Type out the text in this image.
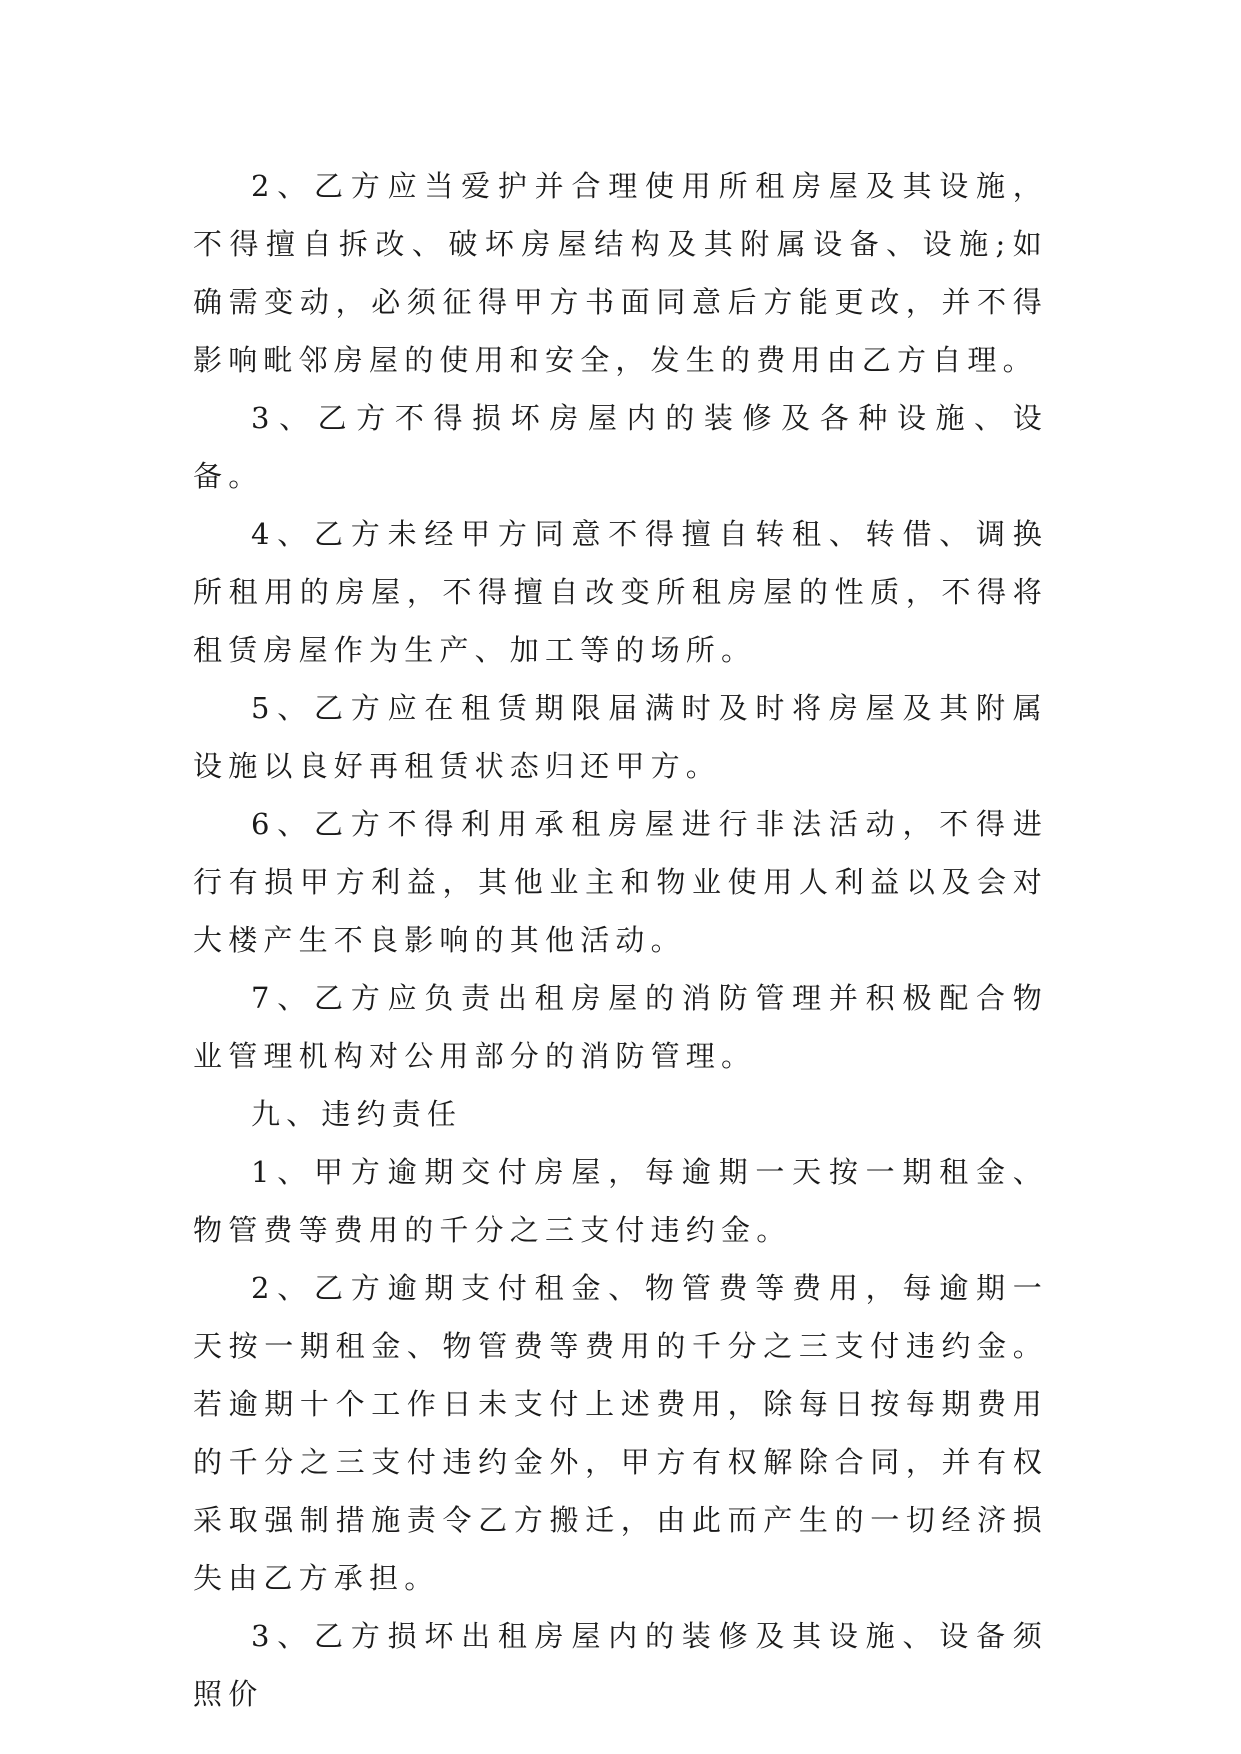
2、乙方应当爱护并合理使用所租房屋及其设施，不得擅自拆改、破坏房屋结构及其附属设备、设施;如确需变动，必须征得甲方书面同意后方能更改，并不得影响毗邻房屋的使用和安全，发生的费用由乙方自理。

3、乙方不得损坏房屋内的装修及各种设施、设备。

4、乙方未经甲方同意不得擅自转租、转借、调换所租用的房屋，不得擅自改变所租房屋的性质，不得将租赁房屋作为生产、加工等的场所。

5、乙方应在租赁期限届满时及时将房屋及其附属设施以良好再租赁状态归还甲方。

6、乙方不得利用承租房屋进行非法活动，不得进行有损甲方利益，其他业主和物业使用人利益以及会对大楼产生不良影响的其他活动。

7、乙方应负责出租房屋的消防管理并积极配合物业管理机构对公用部分的消防管理。

九、违约责任

1、甲方逾期交付房屋，每逾期一天按一期租金、物管费等费用的千分之三支付违约金。

2、乙方逾期支付租金、物管费等费用，每逾期一天按一期租金、物管费等费用的千分之三支付违约金。若逾期十个工作日未支付上述费用，除每日按每期费用的千分之三支付违约金外，甲方有权解除合同，并有权采取强制措施责令乙方搬迁，由此而产生的一切经济损失由乙方承担。

3、乙方损坏出租房屋内的装修及其设施、设备须照价
